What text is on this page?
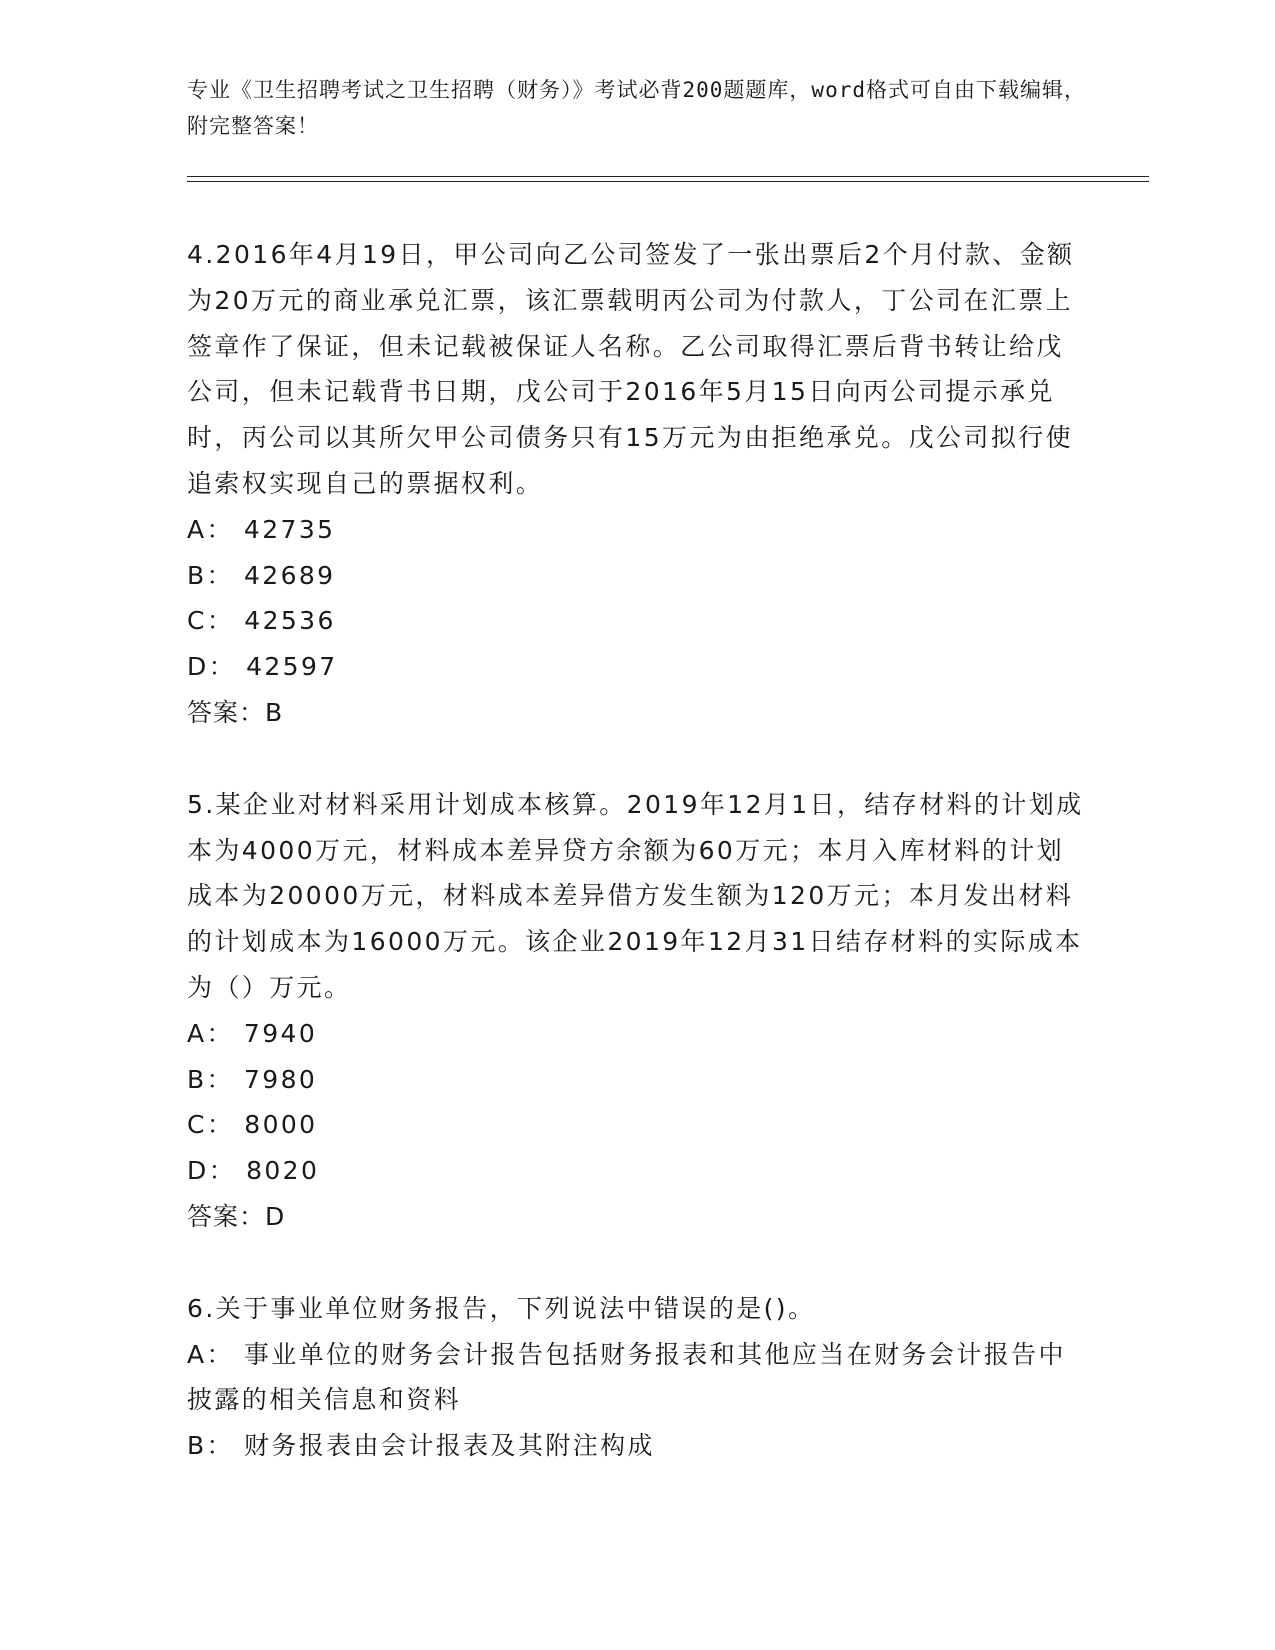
专业《卫生招聘考试之卫生招聘（财务）》考试必背200题题库，word格式可自由下载编辑，附完整答案！

4.2016年4月19日，甲公司向乙公司签发了一张出票后2个月付款、金额为20万元的商业承兑汇票，该汇票载明丙公司为付款人，丁公司在汇票上签章作了保证，但未记载被保证人名称。乙公司取得汇票后背书转让给戊公司，但未记载背书日期，戊公司于2016年5月15日向丙公司提示承兑时，丙公司以其所欠甲公司债务只有15万元为由拒绝承兑。戊公司拟行使追索权实现自己的票据权利。

A： 42735

B： 42689

C： 42536

D： 42597

答案：B

5.某企业对材料采用计划成本核算。2019年12月1日，结存材料的计划成本为4000万元，材料成本差异贷方余额为60万元；本月入库材料的计划成本为20000万元，材料成本差异借方发生额为120万元；本月发出材料的计划成本为16000万元。该企业2019年12月31日结存材料的实际成本为（）万元。

A： 7940

B： 7980

C： 8000

D： 8020

答案：D

6.关于事业单位财务报告，下列说法中错误的是()。

A： 事业单位的财务会计报告包括财务报表和其他应当在财务会计报告中披露的相关信息和资料

B： 财务报表由会计报表及其附注构成
